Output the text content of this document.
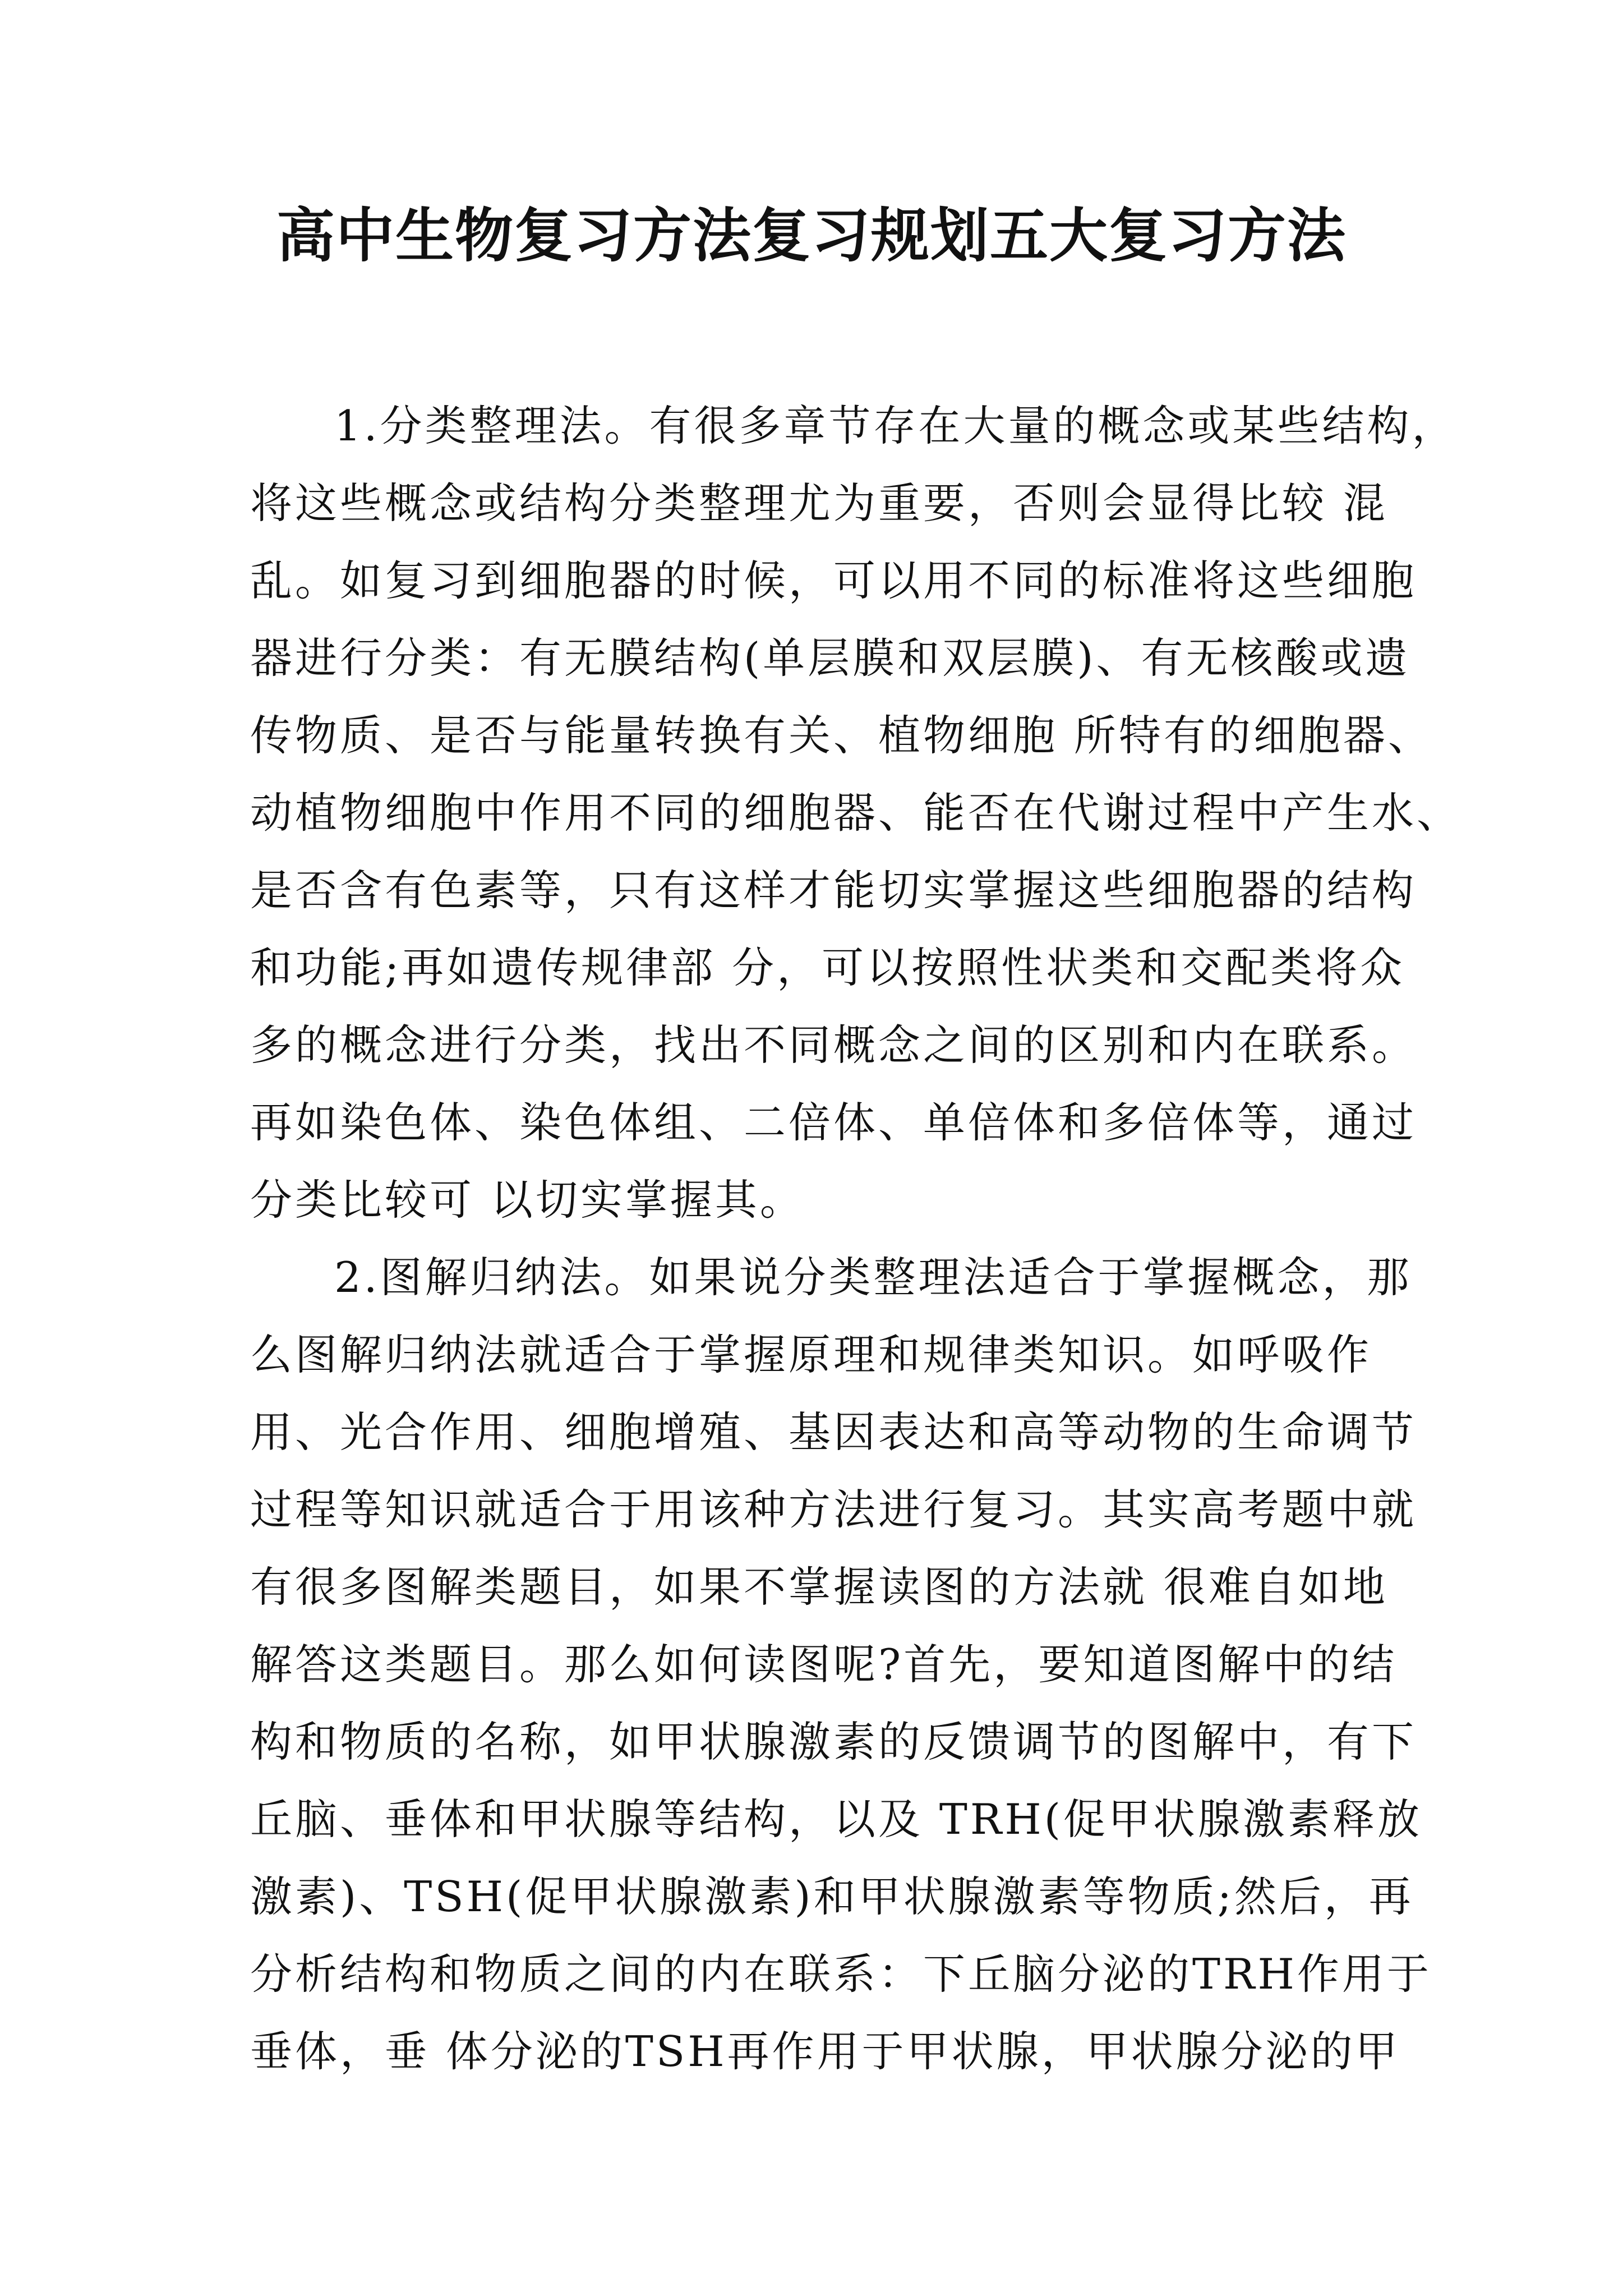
高中生物复习方法复习规划五大复习方法
1.分类整理法。有很多章节存在大量的概念或某些结构，
将这些概念或结构分类整理尤为重要，否则会显得比较 混
乱。如复习到细胞器的时候，可以用不同的标准将这些细胞
器进行分类：有无膜结构(单层膜和双层膜)、有无核酸或遗
传物质、是否与能量转换有关、植物细胞 所特有的细胞器、
动植物细胞中作用不同的细胞器、能否在代谢过程中产生水、
是否含有色素等，只有这样才能切实掌握这些细胞器的结构
和功能;再如遗传规律部 分，可以按照性状类和交配类将众
多的概念进行分类，找出不同概念之间的区别和内在联系。
再如染色体、染色体组、二倍体、单倍体和多倍体等，通过
分类比较可 以切实掌握其。
2.图解归纳法。如果说分类整理法适合于掌握概念，那
么图解归纳法就适合于掌握原理和规律类知识。如呼吸作
用、光合作用、细胞增殖、基因表达和高等动物的生命调节
过程等知识就适合于用该种方法进行复习。其实高考题中就
有很多图解类题目，如果不掌握读图的方法就 很难自如地
解答这类题目。那么如何读图呢?首先，要知道图解中的结
构和物质的名称，如甲状腺激素的反馈调节的图解中，有下
丘脑、垂体和甲状腺等结构，以及 TRH(促甲状腺激素释放
激素)、TSH(促甲状腺激素)和甲状腺激素等物质;然后，再
分析结构和物质之间的内在联系：下丘脑分泌的TRH作用于
垂体，垂 体分泌的TSH再作用于甲状腺，甲状腺分泌的甲
